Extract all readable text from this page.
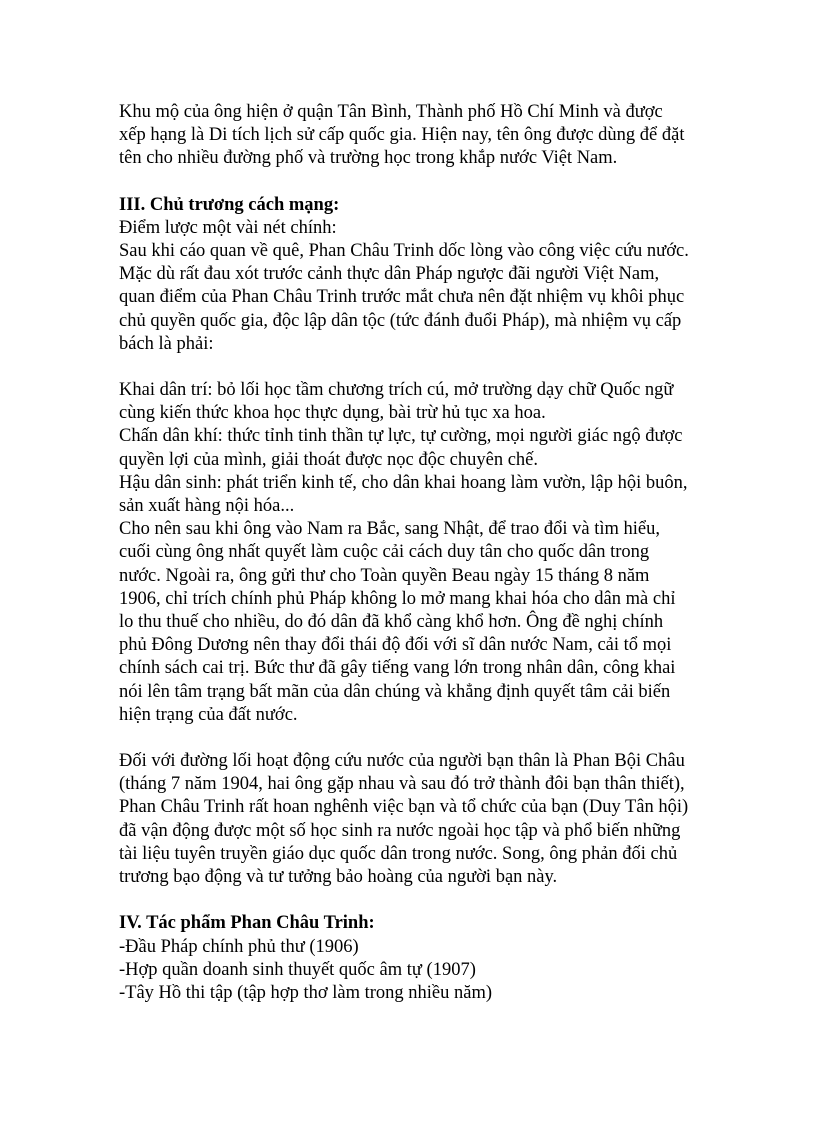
Khu mộ của ông hiện ở quận Tân Bình, Thành phố Hồ Chí Minh và được
xếp hạng là Di tích lịch sử cấp quốc gia. Hiện nay, tên ông được dùng để đặt
tên cho nhiều đường phố và trường học trong khắp nước Việt Nam.
III. Chủ trương cách mạng:
Điểm lược một vài nét chính:
Sau khi cáo quan về quê, Phan Châu Trinh dốc lòng vào công việc cứu nước.
Mặc dù rất đau xót trước cảnh thực dân Pháp ngược đãi người Việt Nam,
quan điểm của Phan Châu Trinh trước mắt chưa nên đặt nhiệm vụ khôi phục
chủ quyền quốc gia, độc lập dân tộc (tức đánh đuổi Pháp), mà nhiệm vụ cấp
bách là phải:
Khai dân trí: bỏ lối học tầm chương trích cú, mở trường dạy chữ Quốc ngữ
cùng kiến thức khoa học thực dụng, bài trừ hủ tục xa hoa.
Chấn dân khí: thức tỉnh tinh thần tự lực, tự cường, mọi người giác ngộ được
quyền lợi của mình, giải thoát được nọc độc chuyên chế.
Hậu dân sinh: phát triển kinh tế, cho dân khai hoang làm vườn, lập hội buôn,
sản xuất hàng nội hóa...
Cho nên sau khi ông vào Nam ra Bắc, sang Nhật, để trao đổi và tìm hiểu,
cuối cùng ông nhất quyết làm cuộc cải cách duy tân cho quốc dân trong
nước. Ngoài ra, ông gửi thư cho Toàn quyền Beau ngày 15 tháng 8 năm
1906, chỉ trích chính phủ Pháp không lo mở mang khai hóa cho dân mà chỉ
lo thu thuế cho nhiều, do đó dân đã khổ càng khổ hơn. Ông đề nghị chính
phủ Đông Dương nên thay đổi thái độ đối với sĩ dân nước Nam, cải tổ mọi
chính sách cai trị. Bức thư đã gây tiếng vang lớn trong nhân dân, công khai
nói lên tâm trạng bất mãn của dân chúng và khẳng định quyết tâm cải biến
hiện trạng của đất nước.
Đối với đường lối hoạt động cứu nước của người bạn thân là Phan Bội Châu
(tháng 7 năm 1904, hai ông gặp nhau và sau đó trở thành đôi bạn thân thiết),
Phan Châu Trinh rất hoan nghênh việc bạn và tổ chức của bạn (Duy Tân hội)
đã vận động được một số học sinh ra nước ngoài học tập và phổ biến những
tài liệu tuyên truyền giáo dục quốc dân trong nước. Song, ông phản đối chủ
trương bạo động và tư tưởng bảo hoàng của người bạn này.
IV. Tác phẩm Phan Châu Trinh:
-Đầu Pháp chính phủ thư (1906)
-Hợp quần doanh sinh thuyết quốc âm tự (1907)
-Tây Hồ thi tập (tập hợp thơ làm trong nhiều năm)
